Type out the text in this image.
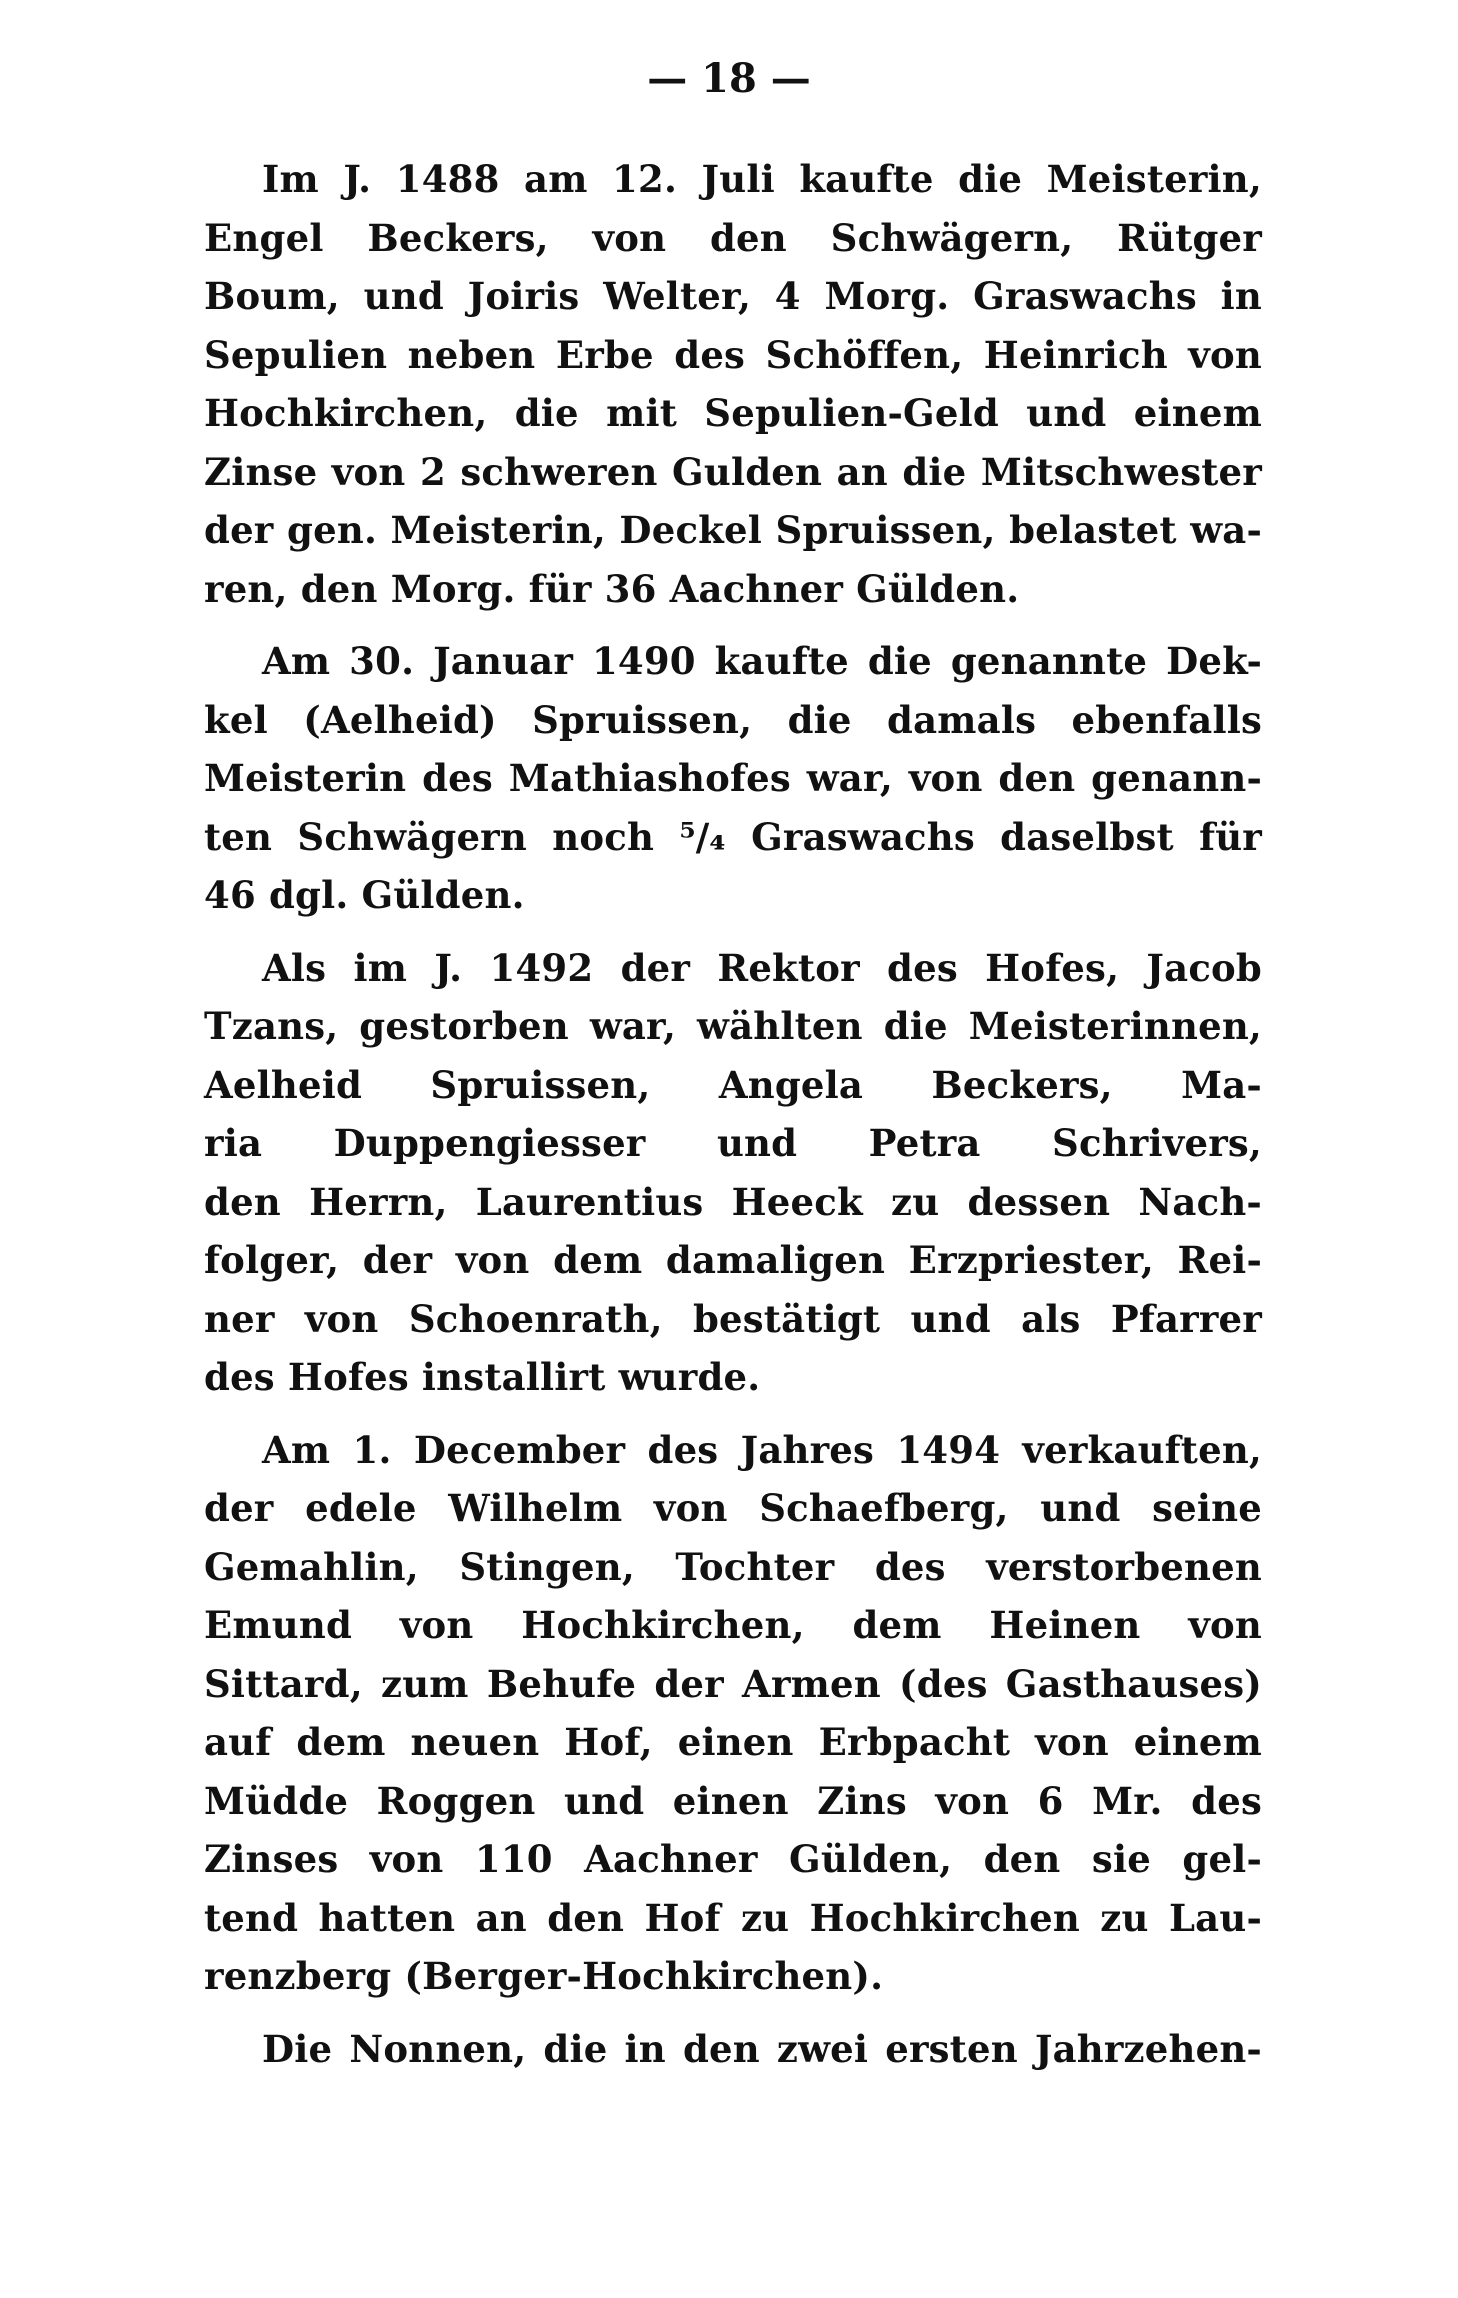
— 18 —
Im J. 1488 am 12. Juli kaufte die Meisterin,
Engel Beckers, von den Schwägern, Rütger
Boum, und Joiris Welter, 4 Morg. Graswachs in
Sepulien neben Erbe des Schöffen, Heinrich von
Hochkirchen, die mit Sepulien-Geld und einem
Zinse von 2 schweren Gulden an die Mitschwester
der gen. Meisterin, Deckel Spruissen, belastet wa-
ren, den Morg. für 36 Aachner Gülden.
Am 30. Januar 1490 kaufte die genannte Dek-
kel (Aelheid) Spruissen, die damals ebenfalls
Meisterin des Mathiashofes war, von den genann-
ten Schwägern noch ⁵/₄ Graswachs daselbst für
46 dgl. Gülden.
Als im J. 1492 der Rektor des Hofes, Jacob
Tzans, gestorben war, wählten die Meisterinnen,
Aelheid Spruissen, Angela Beckers, Ma-
ria Duppengiesser und Petra Schrivers,
den Herrn, Laurentius Heeck zu dessen Nach-
folger, der von dem damaligen Erzpriester, Rei-
ner von Schoenrath, bestätigt und als Pfarrer
des Hofes installirt wurde.
Am 1. December des Jahres 1494 verkauften,
der edele Wilhelm von Schaefberg, und seine
Gemahlin, Stingen, Tochter des verstorbenen
Emund von Hochkirchen, dem Heinen von
Sittard, zum Behufe der Armen (des Gasthauses)
auf dem neuen Hof, einen Erbpacht von einem
Müdde Roggen und einen Zins von 6 Mr. des
Zinses von 110 Aachner Gülden, den sie gel-
tend hatten an den Hof zu Hochkirchen zu Lau-
renzberg (Berger-Hochkirchen).
Die Nonnen, die in den zwei ersten Jahrzehen-
